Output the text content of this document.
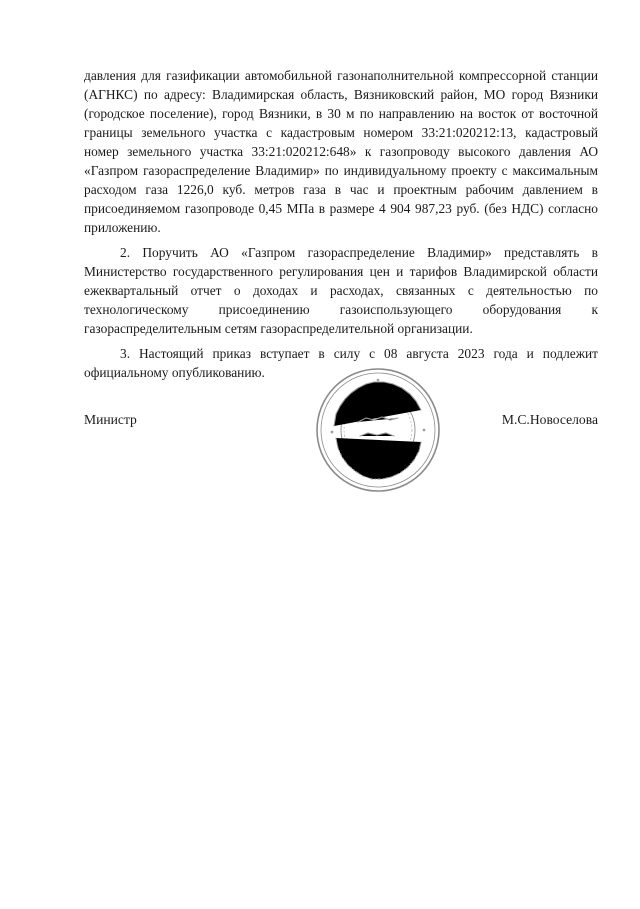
давления для газификации автомобильной газонаполнительной компрессорной станции (АГНКС) по адресу: Владимирская область, Вязниковский район, МО город Вязники (городское поселение), город Вязники, в 30 м по направлению на восток от восточной границы земельного участка с кадастровым номером 33:21:020212:13, кадастровый номер земельного участка 33:21:020212:648» к газопроводу высокого давления АО «Газпром газораспределение Владимир» по индивидуальному проекту с максимальным расходом газа 1226,0 куб. метров газа в час и проектным рабочим давлением в присоединяемом газопроводе 0,45 МПа в размере 4 904 987,23 руб. (без НДС) согласно приложению.

2. Поручить АО «Газпром газораспределение Владимир» представлять в Министерство государственного регулирования цен и тарифов Владимирской области ежеквартальный отчет о доходах и расходах, связанных с деятельностью по технологическому присоединению газоиспользующего оборудования к газораспределительным сетям газораспределительной организации.

3. Настоящий приказ вступает в силу с 08 августа 2023 года и подлежит официальному опубликованию.

Министр	М.С.Новоселова
